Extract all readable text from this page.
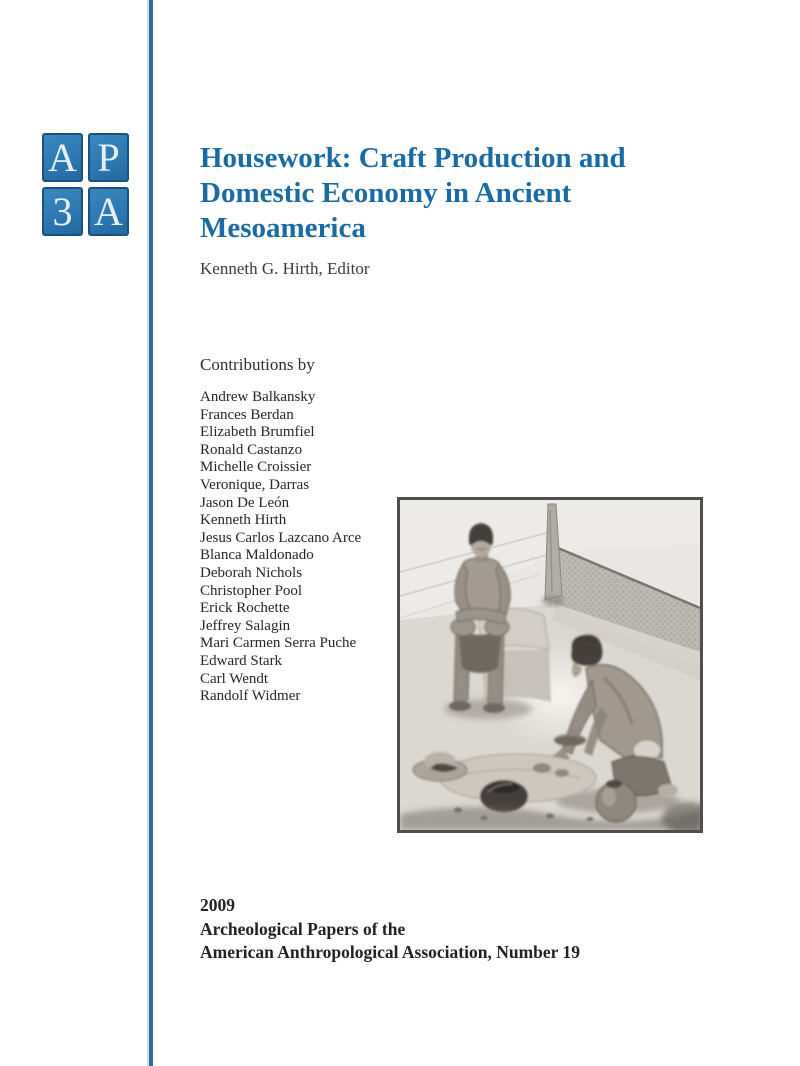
A P
3 A
Housework: Craft Production and Domestic Economy in Ancient Mesoamerica
Kenneth G. Hirth, Editor
Contributions by
Andrew Balkansky
Frances Berdan
Elizabeth Brumfiel
Ronald Castanzo
Michelle Croissier
Veronique, Darras
Jason De León
Kenneth Hirth
Jesus Carlos Lazcano Arce
Blanca Maldonado
Deborah Nichols
Christopher Pool
Erick Rochette
Jeffrey Salagin
Mari Carmen Serra Puche
Edward Stark
Carl Wendt
Randolf Widmer
2009
Archeological Papers of the
American Anthropological Association, Number 19
